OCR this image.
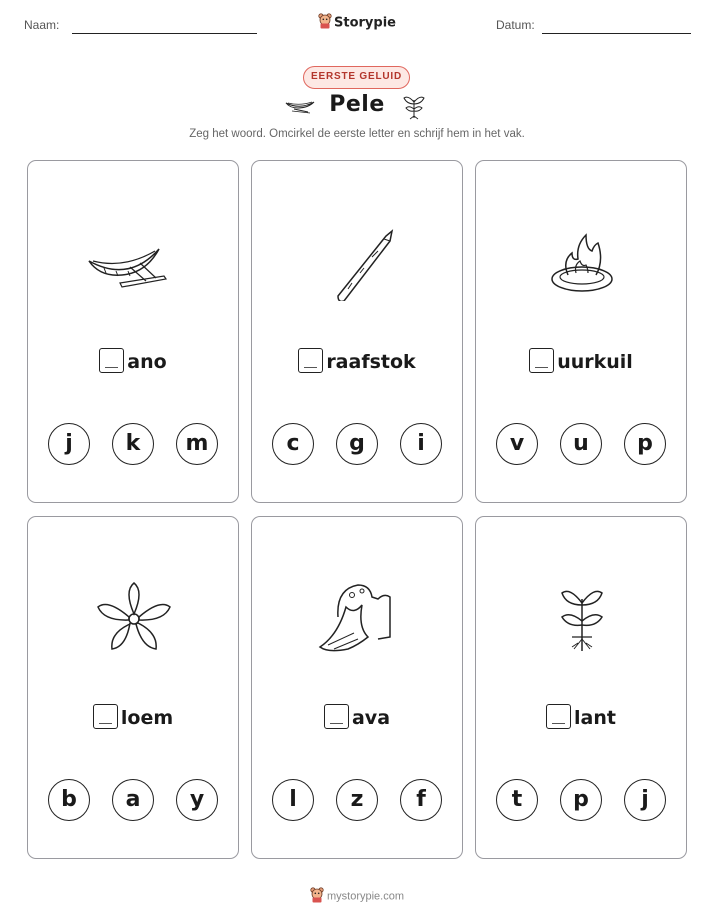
Naam:	Storypie	Datum:
EERSTE GELUID
Pele
Zeg het woord. Omcirkel de eerste letter en schrijf hem in het vak.
ano
j	k	m
raafstok
c	g	i
uurkuil
v	u	p
loem
b	a	y
ava
l	z	f
lant
t	p	j
mystorypie.com
